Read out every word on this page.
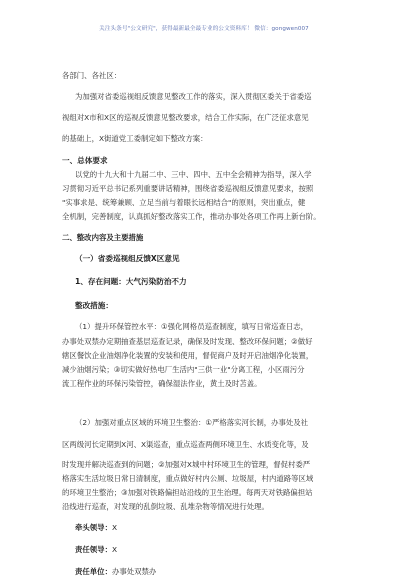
关注头条号"公文研究"，获得最新最全最专业的公文资料库！ 微信：gongwen007
各部门、各社区：
为加强对省委巡视组反馈意见整改工作的落实，深入贯彻区委关于省委巡
视组对X市和X区的巡视反馈意见整改要求，结合工作实际，在广泛征求意见
的基础上，X街道党工委制定如下整改方案：
一、总体要求
以党的十九大和十九届二中、三中、四中、五中全会精神为指导，深入学
习贯彻习近平总书记系列重要讲话精神，围绕省委巡视组反馈意见要求，按照
"实事求是、统筹兼顾、立足当前与着眼长远相结合"的原则，突出重点，健
全机制，完善制度，认真抓好整改落实工作，推动办事处各项工作再上新台阶。
二、整改内容及主要措施
（一）省委巡视组反馈X区意见
1、存在问题：大气污染防治不力
整改措施：
（1）提升环保管控水平：①强化网格员巡查制度，填写日常巡查日志，
办事处双禁办定期抽查基层巡查记录，确保及时发现、整改环保问题；②做好
辖区餐饮企业油烟净化装置的安装和使用，督促商户及时开启油烟净化装置，
减少油烟污染；③切实做好热电厂生活内"三供一业"分离工程，小区雨污分
流工程作业的环保污染管控，确保湿法作业，黄土及时苫盖。
（2）加强对重点区域的环境卫生整治：①严格落实河长制，办事处及社
区两级河长定期到X河、X渠巡查，重点巡查两侧环境卫生、水质变化等，及
时发现并解决巡查到的问题；②加强对X城中村环境卫生的管理，督促村委严
格落实生活垃圾日常日清制度，重点做好村内公厕、垃圾屋，村内道路等区域
的环境卫生整治；③加强对铁路偏担站沿线的卫生治理。每两天对铁路偏担站
沿线进行巡查，对发现的乱倒垃圾、乱堆杂物等情况进行处理。
牵头领导：X
责任领导：X
责任单位：办事处双禁办
